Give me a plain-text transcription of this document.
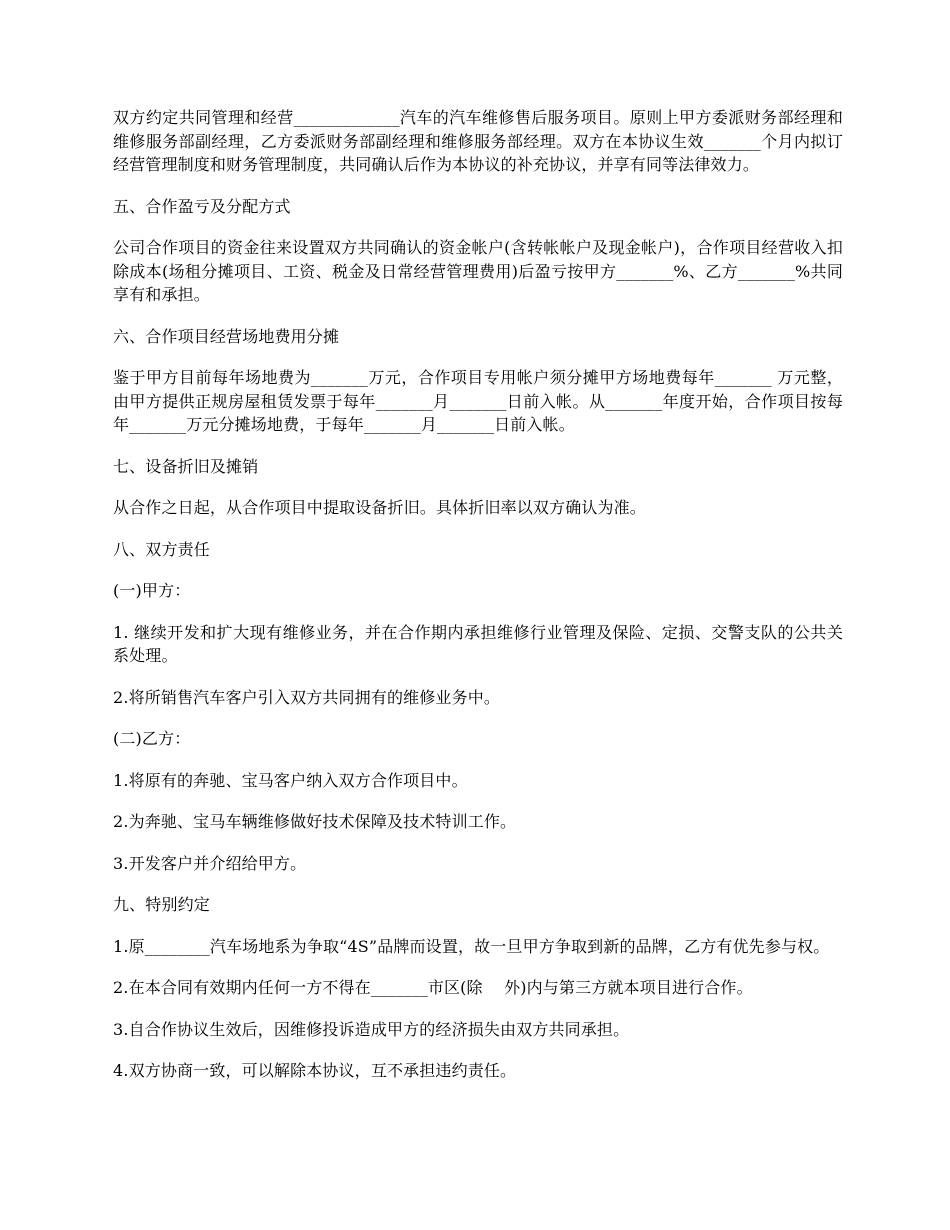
双方约定共同管理和经营_____________汽车的汽车维修售后服务项目。原则上甲方委派财务部经理和维修服务部副经理，乙方委派财务部副经理和维修服务部经理。双方在本协议生效_______个月内拟订经营管理制度和财务管理制度，共同确认后作为本协议的补充协议，并享有同等法律效力。

五、合作盈亏及分配方式

公司合作项目的资金往来设置双方共同确认的资金帐户(含转帐帐户及现金帐户)，合作项目经营收入扣除成本(场租分摊项目、工资、税金及日常经营管理费用)后盈亏按甲方_______%、乙方_______%共同享有和承担。

六、合作项目经营场地费用分摊

鉴于甲方目前每年场地费为_______万元，合作项目专用帐户须分摊甲方场地费每年_______ 万元整，由甲方提供正规房屋租赁发票于每年_______月_______日前入帐。从_______年度开始，合作项目按每年_______万元分摊场地费，于每年_______月_______日前入帐。

七、设备折旧及摊销

从合作之日起，从合作项目中提取设备折旧。具体折旧率以双方确认为准。

八、双方责任

(一)甲方：

1. 继续开发和扩大现有维修业务，并在合作期内承担维修行业管理及保险、定损、交警支队的公共关系处理。

2.将所销售汽车客户引入双方共同拥有的维修业务中。

(二)乙方：

1.将原有的奔驰、宝马客户纳入双方合作项目中。

2.为奔驰、宝马车辆维修做好技术保障及技术特训工作。

3.开发客户并介绍给甲方。

九、特别约定

1.原________汽车场地系为争取“4S”品牌而设置，故一旦甲方争取到新的品牌，乙方有优先参与权。

2.在本合同有效期内任何一方不得在_______市区(除　 外)内与第三方就本项目进行合作。

3.自合作协议生效后，因维修投诉造成甲方的经济损失由双方共同承担。

4.双方协商一致，可以解除本协议，互不承担违约责任。
